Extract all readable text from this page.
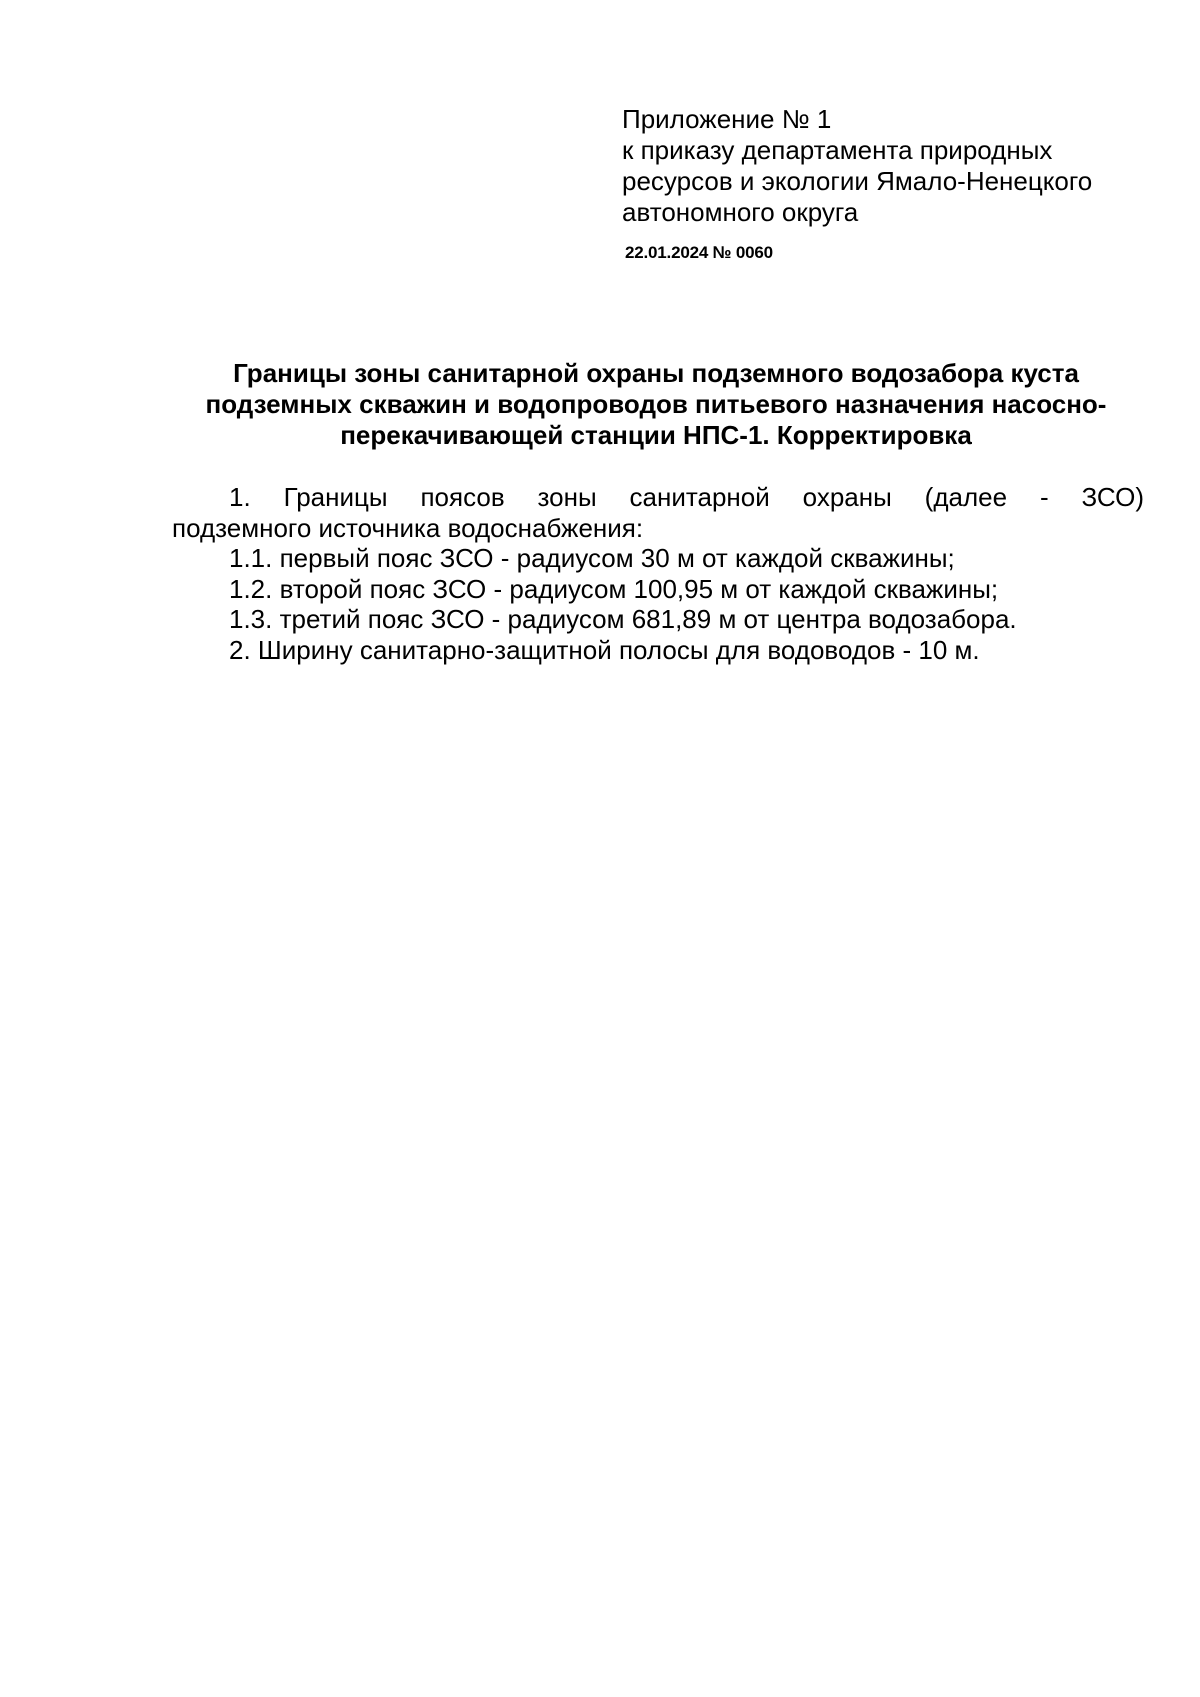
Приложение № 1
к приказу департамента природных
ресурсов и экологии Ямало-Ненецкого
автономного округа
22.01.2024 № 0060
Границы зоны санитарной охраны подземного водозабора куста
подземных скважин и водопроводов питьевого назначения насосно-
перекачивающей станции НПС-1. Корректировка
1. Границы поясов зоны санитарной охраны (далее - ЗСО)
подземного источника водоснабжения:
1.1. первый пояс ЗСО - радиусом 30 м от каждой скважины;
1.2. второй пояс ЗСО - радиусом 100,95 м от каждой скважины;
1.3. третий пояс ЗСО - радиусом 681,89 м от центра водозабора.
2. Ширину санитарно-защитной полосы для водоводов - 10 м.
